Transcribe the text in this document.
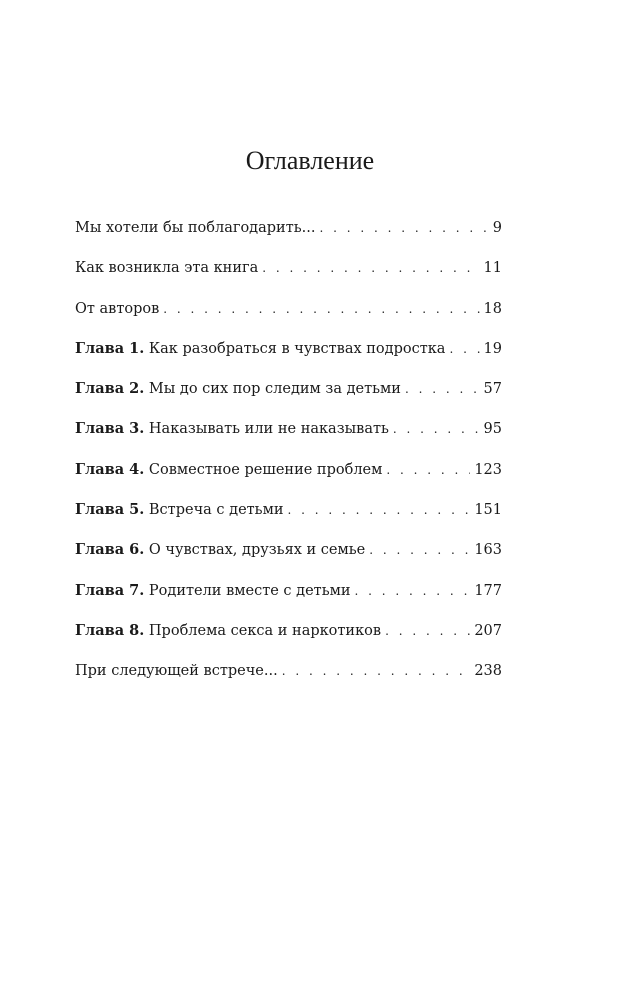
Оглавление
Мы хотели бы поблагодарить... . . .	9
Как возникла эта книга . . .	11
От авторов . . .	18
Глава 1. Как разобраться в чувствах подростка . . .	19
Глава 2. Мы до сих пор следим за детьми . . .	57
Глава 3. Наказывать или не наказывать . . .	95
Глава 4. Совместное решение проблем . . .	123
Глава 5. Встреча с детьми . . .	151
Глава 6. О чувствах, друзьях и семье . . .	163
Глава 7. Родители вместе с детьми . . .	177
Глава 8. Проблема секса и наркотиков . . .	207
При следующей встрече... . . .	238
